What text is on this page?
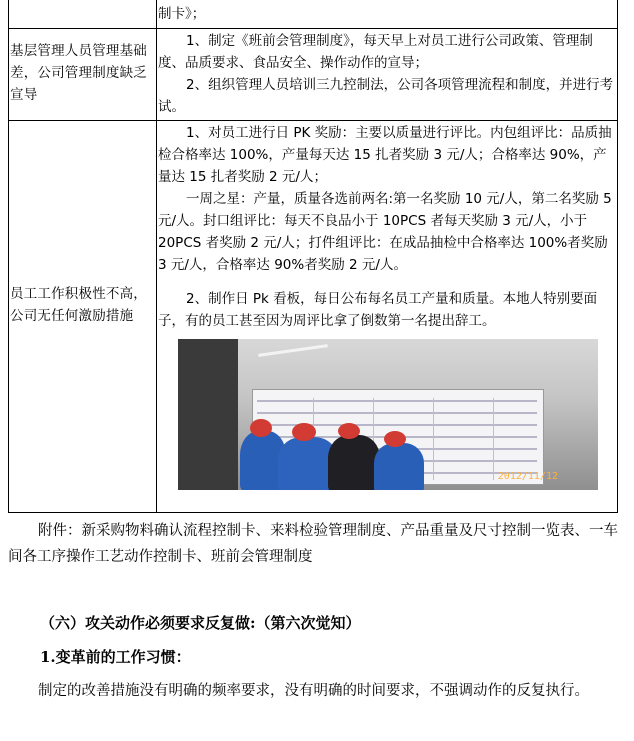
制卡》；
基层管理人员管理基础差，公司管理制度缺乏宣导
1、制定《班前会管理制度》，每天早上对员工进行公司政策、管理制度、品质要求、食品安全、操作动作的宣导；
2、组织管理人员培训三九控制法，公司各项管理流程和制度，并进行考试。
员工工作积极性不高，公司无任何激励措施
1、对员工进行日 PK 奖励：主要以质量进行评比。内包组评比：品质抽检合格率达 100%，产量每天达 15 扎者奖励 3 元/人；合格率达 90%，产量达 15 扎者奖励 2 元/人；
一周之星：产量，质量各选前两名:第一名奖励 10 元/人，第二名奖励 5 元/人。封口组评比：每天不良品小于 10PCS 者每天奖励 3 元/人，小于 20PCS 者奖励 2 元/人；打件组评比：在成品抽检中合格率达 100%者奖励 3 元/人，合格率达 90%者奖励 2 元/人。
2、制作日 Pk 看板，每日公布每名员工产量和质量。本地人特别要面子，有的员工甚至因为周评比拿了倒数第一名提出辞工。
2012/11/12
附件：新采购物料确认流程控制卡、来料检验管理制度、产品重量及尺寸控制一览表、一车间各工序操作工艺动作控制卡、班前会管理制度
（六）攻关动作必须要求反复做:（第六次觉知）
1.变革前的工作习惯：
制定的改善措施没有明确的频率要求，没有明确的时间要求，不强调动作的反复执行。
